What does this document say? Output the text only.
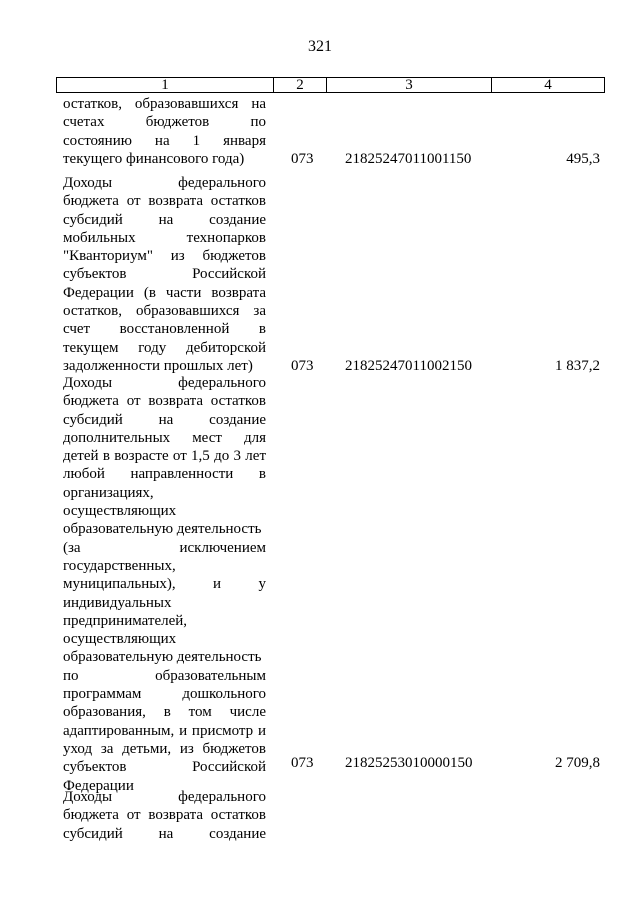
321
1	2	3	4
остатков, образовавшихся на
счетах бюджетов по
состоянию на 1 января
текущего финансового года)	073	21825247011001150	495,3
Доходы федерального
бюджета от возврата остатков
субсидий на создание
мобильных технопарков
"Кванториум" из бюджетов
субъектов Российской
Федерации (в части возврата
остатков, образовавшихся за
счет восстановленной в
текущем году дебиторской
задолженности прошлых лет)	073	21825247011002150	1 837,2
Доходы федерального
бюджета от возврата остатков
субсидий на создание
дополнительных мест для
детей в возрасте от 1,5 до 3 лет
любой направленности в
организациях,
осуществляющих
образовательную деятельность
(за исключением
государственных,
муниципальных), и у
индивидуальных
предпринимателей,
осуществляющих
образовательную деятельность
по образовательным
программам дошкольного
образования, в том числе
адаптированным, и присмотр и
уход за детьми, из бюджетов
субъектов Российской
Федерации
073	21825253010000150	2 709,8
Доходы федерального
бюджета от возврата остатков
субсидий на создание
